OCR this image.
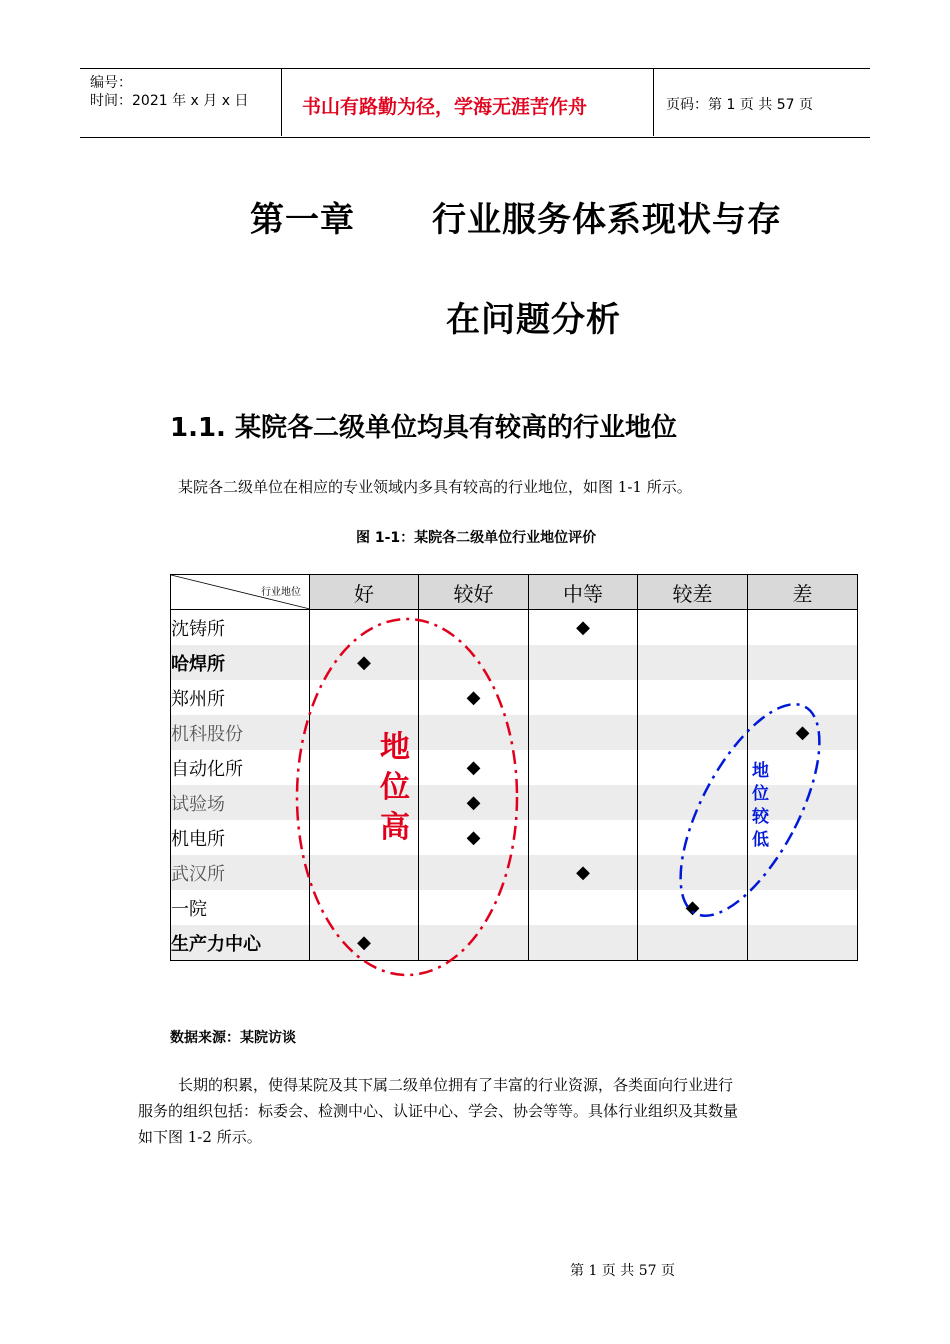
编号：
时间：2021 年 x 月 x 日	书山有路勤为径，学海无涯苦作舟	页码：第 1 页 共 57 页
第一章      行业服务体系现状与存
在问题分析
1.1. 某院各二级单位均具有较高的行业地位
某院各二级单位在相应的专业领域内多具有较高的行业地位，如图 1-1 所示。
图 1-1：某院各二级单位行业地位评价
行业地位	好	较好	中等	较差	差
沈铸所			◆		
哈焊所	◆				
郑州所		◆			
机科股份					◆
自动化所		◆			
试验场		◆			
机电所		◆			
武汉所			◆		
一院				◆	
生产力中心	◆				
地
位
高
地
位
较
低
数据来源：某院访谈
长期的积累，使得某院及其下属二级单位拥有了丰富的行业资源，各类面向行业进行
服务的组织包括：标委会、检测中心、认证中心、学会、协会等等。具体行业组织及其数量
如下图 1-2 所示。
第 1 页 共 57 页
